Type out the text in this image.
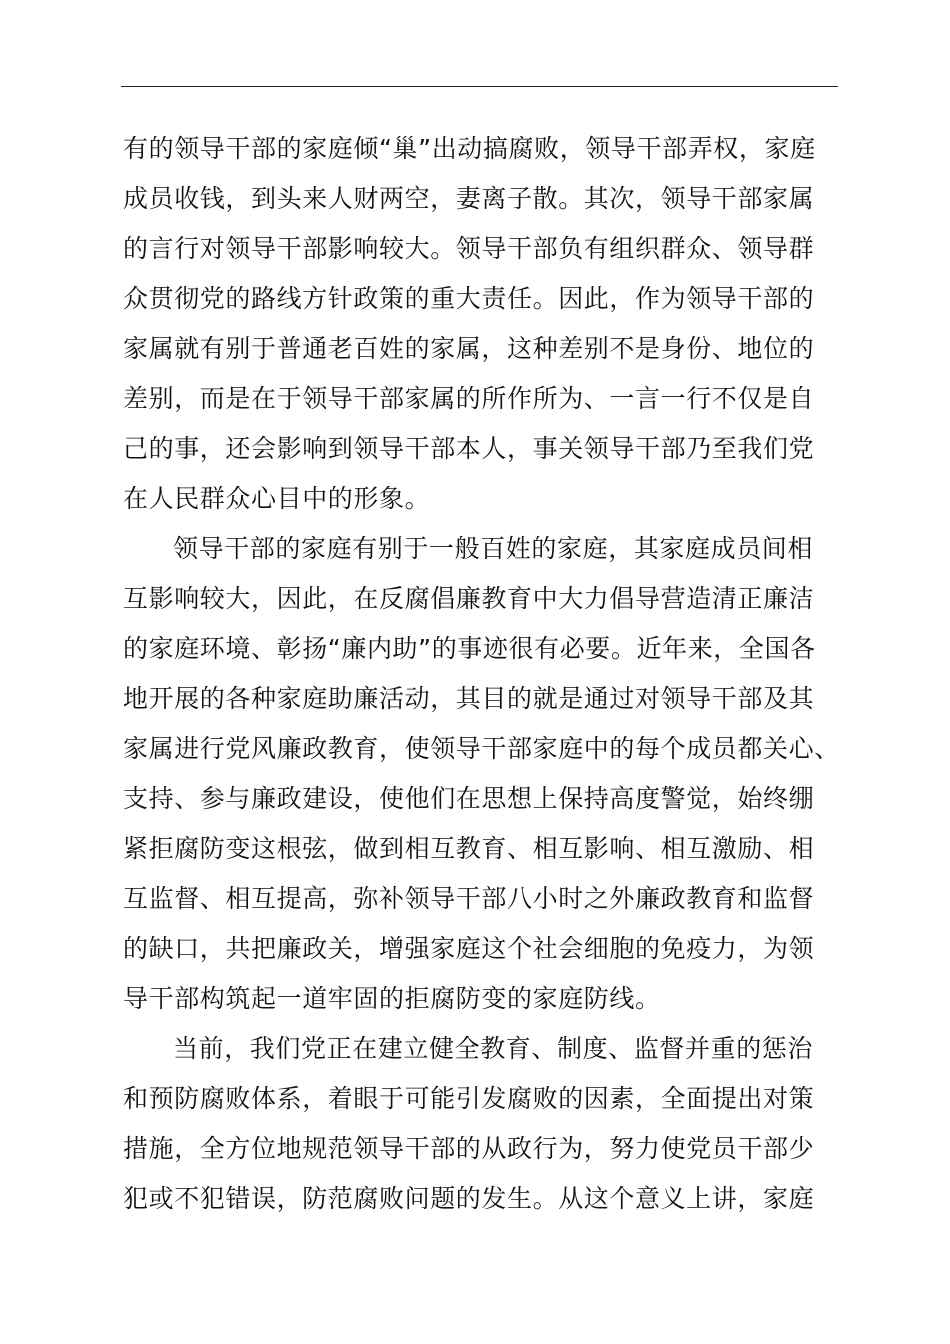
有的领导干部的家庭倾“巢”出动搞腐败，领导干部弄权，家庭
成员收钱，到头来人财两空，妻离子散。其次，领导干部家属
的言行对领导干部影响较大。领导干部负有组织群众、领导群
众贯彻党的路线方针政策的重大责任。因此，作为领导干部的
家属就有别于普通老百姓的家属，这种差别不是身份、地位的
差别，而是在于领导干部家属的所作所为、一言一行不仅是自
己的事，还会影响到领导干部本人，事关领导干部乃至我们党
在人民群众心目中的形象。
领导干部的家庭有别于一般百姓的家庭，其家庭成员间相
互影响较大，因此，在反腐倡廉教育中大力倡导营造清正廉洁
的家庭环境、彰扬“廉内助”的事迹很有必要。近年来，全国各
地开展的各种家庭助廉活动，其目的就是通过对领导干部及其
家属进行党风廉政教育，使领导干部家庭中的每个成员都关心、
支持、参与廉政建设，使他们在思想上保持高度警觉，始终绷
紧拒腐防变这根弦，做到相互教育、相互影响、相互激励、相
互监督、相互提高，弥补领导干部八小时之外廉政教育和监督
的缺口，共把廉政关，增强家庭这个社会细胞的免疫力，为领
导干部构筑起一道牢固的拒腐防变的家庭防线。
当前，我们党正在建立健全教育、制度、监督并重的惩治
和预防腐败体系，着眼于可能引发腐败的因素，全面提出对策
措施，全方位地规范领导干部的从政行为，努力使党员干部少
犯或不犯错误，防范腐败问题的发生。从这个意义上讲，家庭
